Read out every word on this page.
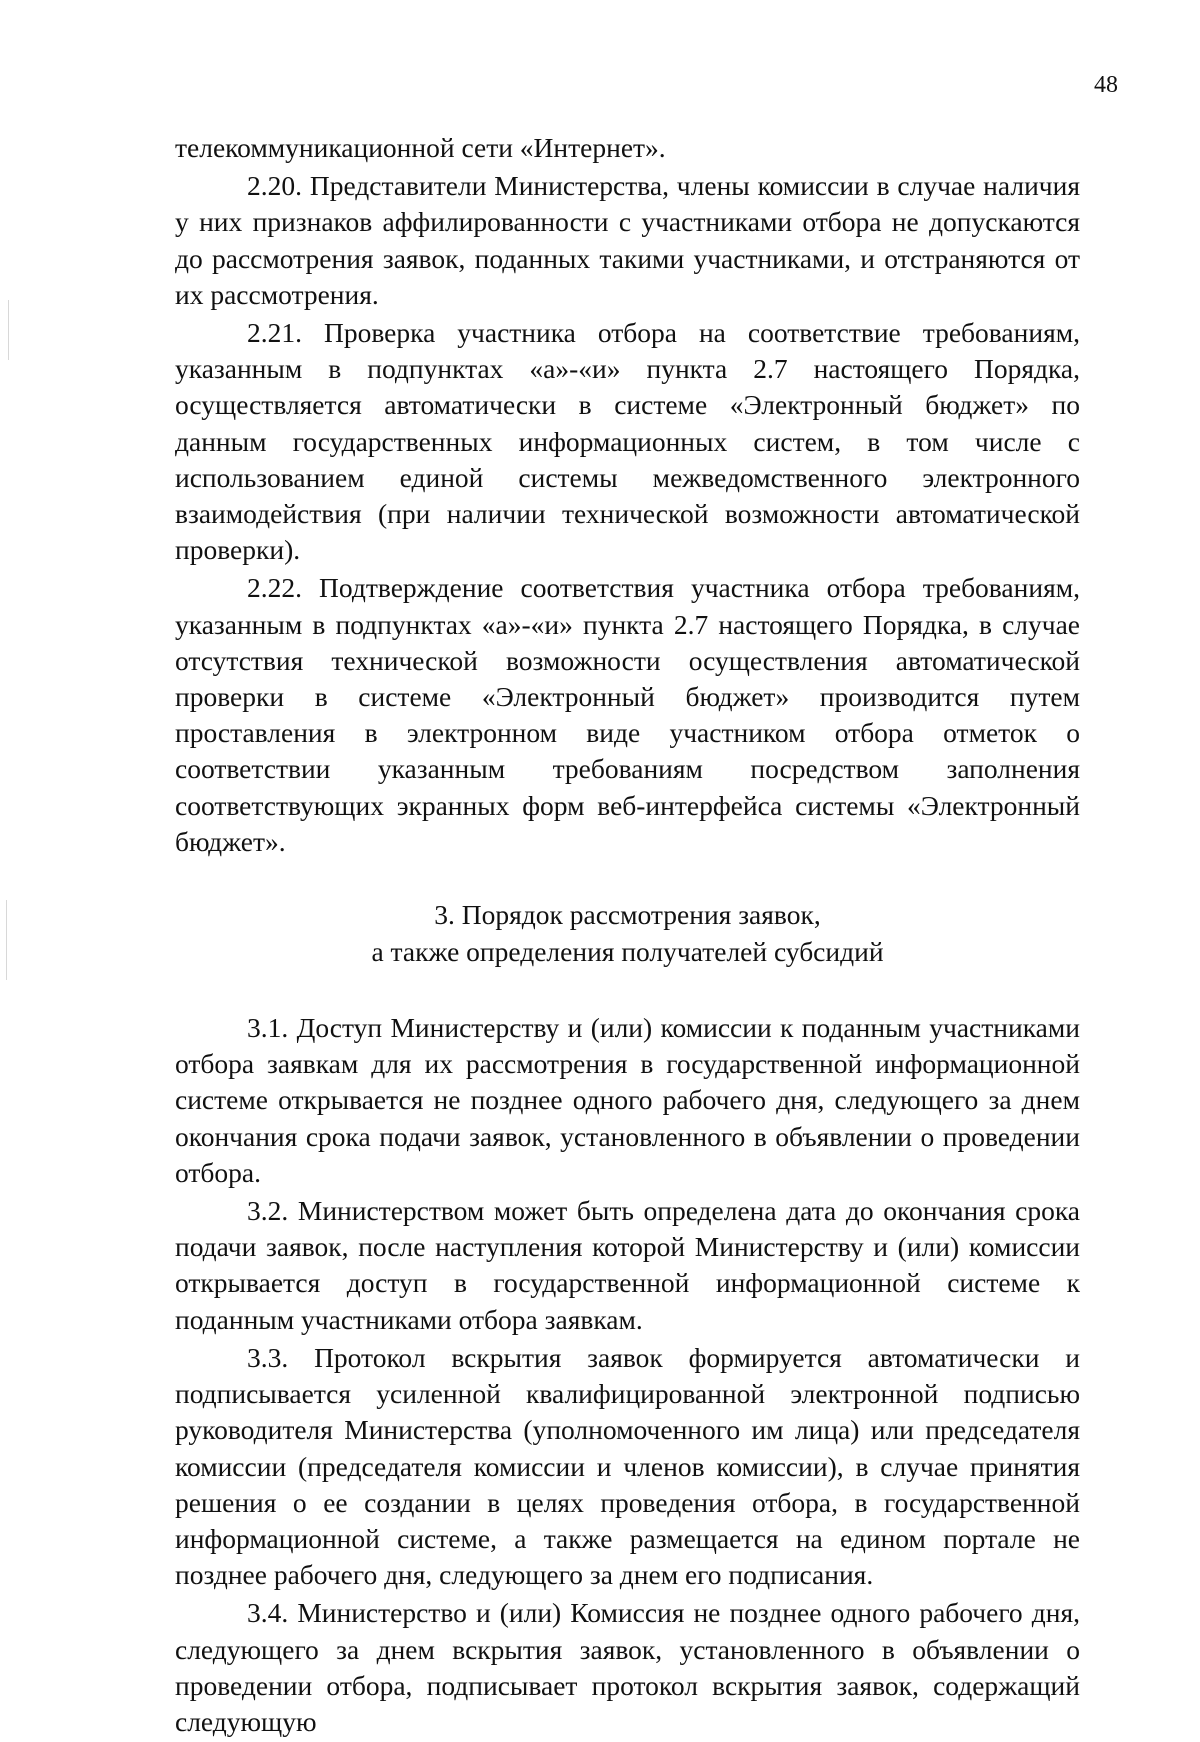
48

телекоммуникационной сети «Интернет».

2.20. Представители Министерства, члены комиссии в случае наличия у них признаков аффилированности с участниками отбора не допускаются до рассмотрения заявок, поданных такими участниками, и отстраняются от их рассмотрения.

2.21. Проверка участника отбора на соответствие требованиям, указанным в подпунктах «а»-«и» пункта 2.7 настоящего Порядка, осуществляется автоматически в системе «Электронный бюджет» по данным государственных информационных систем, в том числе с использованием единой системы межведомственного электронного взаимодействия (при наличии технической возможности автоматической проверки).

2.22. Подтверждение соответствия участника отбора требованиям, указанным в подпунктах «а»-«и» пункта 2.7 настоящего Порядка, в случае отсутствия технической возможности осуществления автоматической проверки в системе «Электронный бюджет» производится путем проставления в электронном виде участником отбора отметок о соответствии указанным требованиям посредством заполнения соответствующих экранных форм веб-интерфейса системы «Электронный бюджет».

3. Порядок рассмотрения заявок,
а также определения получателей субсидий

3.1. Доступ Министерству и (или) комиссии к поданным участниками отбора заявкам для их рассмотрения в государственной информационной системе открывается не позднее одного рабочего дня, следующего за днем окончания срока подачи заявок, установленного в объявлении о проведении отбора.

3.2. Министерством может быть определена дата до окончания срока подачи заявок, после наступления которой Министерству и (или) комиссии открывается доступ в государственной информационной системе к поданным участниками отбора заявкам.

3.3. Протокол вскрытия заявок формируется автоматически и подписывается усиленной квалифицированной электронной подписью руководителя Министерства (уполномоченного им лица) или председателя комиссии (председателя комиссии и членов комиссии), в случае принятия решения о ее создании в целях проведения отбора, в государственной информационной системе, а также размещается на едином портале не позднее рабочего дня, следующего за днем его подписания.

3.4. Министерство и (или) Комиссия не позднее одного рабочего дня, следующего за днем вскрытия заявок, установленного в объявлении о проведении отбора, подписывает протокол вскрытия заявок, содержащий следующую
